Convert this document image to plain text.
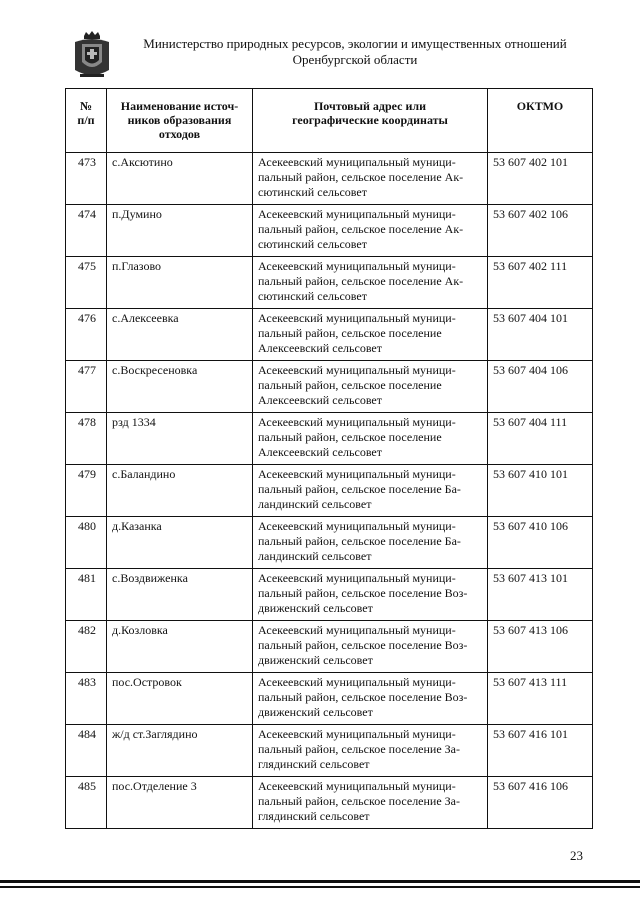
Министерство природных ресурсов, экологии и имущественных отношений
Оренбургской области
№
п/п	Наименование источ-
ников образования
отходов	Почтовый адрес или
географические координаты	ОКТМО
473	с.Аксютино	Асекеевский муниципальный муници-
пальный район, сельское поселение Ак-
сютинский сельсовет	53 607 402 101
474	п.Думино	Асекеевский муниципальный муници-
пальный район, сельское поселение Ак-
сютинский сельсовет	53 607 402 106
475	п.Глазово	Асекеевский муниципальный муници-
пальный район, сельское поселение Ак-
сютинский сельсовет	53 607 402 111
476	с.Алексеевка	Асекеевский муниципальный муници-
пальный район, сельское поселение
Алексеевский сельсовет	53 607 404 101
477	с.Воскресеновка	Асекеевский муниципальный муници-
пальный район, сельское поселение
Алексеевский сельсовет	53 607 404 106
478	рзд 1334	Асекеевский муниципальный муници-
пальный район, сельское поселение
Алексеевский сельсовет	53 607 404 111
479	с.Баландино	Асекеевский муниципальный муници-
пальный район, сельское поселение Ба-
ландинский сельсовет	53 607 410 101
480	д.Казанка	Асекеевский муниципальный муници-
пальный район, сельское поселение Ба-
ландинский сельсовет	53 607 410 106
481	с.Воздвиженка	Асекеевский муниципальный муници-
пальный район, сельское поселение Воз-
движенский сельсовет	53 607 413 101
482	д.Козловка	Асекеевский муниципальный муници-
пальный район, сельское поселение Воз-
движенский сельсовет	53 607 413 106
483	пос.Островок	Асекеевский муниципальный муници-
пальный район, сельское поселение Воз-
движенский сельсовет	53 607 413 111
484	ж/д ст.Заглядино	Асекеевский муниципальный муници-
пальный район, сельское поселение За-
глядинский сельсовет	53 607 416 101
485	пос.Отделение 3	Асекеевский муниципальный муници-
пальный район, сельское поселение За-
глядинский сельсовет	53 607 416 106
23
